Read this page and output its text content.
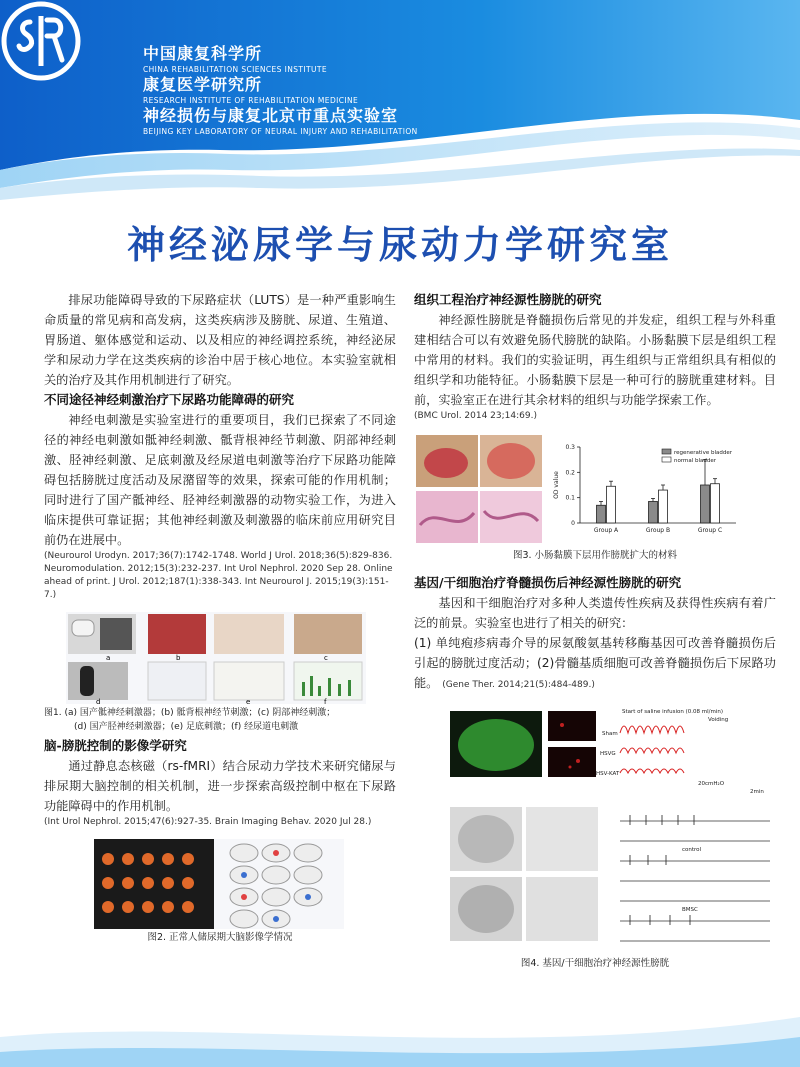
中国康复科学所
CHINA REHABILITATION SCIENCES INSTITUTE
康复医学研究所
RESEARCH INSTITUTE OF REHABILITATION MEDICINE
神经损伤与康复北京市重点实验室
BEIJING KEY LABORATORY OF NEURAL INJURY AND REHABILITATION
神经泌尿学与尿动力学研究室

排尿功能障碍导致的下尿路症状（LUTS）是一种严重影响生命质量的常见病和高发病，这类疾病涉及膀胱、尿道、生殖道、胃肠道、躯体感觉和运动、以及相应的神经调控系统，神经泌尿学和尿动力学在这类疾病的诊治中居于核心地位。本实验室就相关的治疗及其作用机制进行了研究。

不同途径神经刺激治疗下尿路功能障碍的研究

神经电刺激是实验室进行的重要项目，我们已探索了不同途径的神经电刺激如骶神经刺激、骶背根神经节刺激、阴部神经刺激、胫神经刺激、足底刺激及经尿道电刺激等治疗下尿路功能障碍包括膀胱过度活动及尿潴留等的效果，探索可能的作用机制；同时进行了国产骶神经、胫神经刺激器的动物实验工作，为进入临床提供可靠证据；其他神经刺激及刺激器的临床前应用研究目前仍在进展中。

(Neurourol Urodyn. 2017;36(7):1742-1748. World J Urol. 2018;36(5):829-836. Neuromodulation. 2012;15(3):232-237. Int Urol Nephrol. 2020 Sep 28. Online ahead of print. J Urol. 2012;187(1):338-343. Int Neurourol J. 2015;19(3):151-7.)
a	b	c
d	e	f
图1. (a) 国产骶神经刺激器；(b) 骶背根神经节刺激；(c) 阴部神经刺激；
(d) 国产胫神经刺激器；(e) 足底刺激；(f) 经尿道电刺激
脑-膀胱控制的影像学研究

通过静息态核磁（rs-fMRI）结合尿动力学技术来研究储尿与排尿期大脑控制的相关机制，进一步探索高级控制中枢在下尿路功能障碍中的作用机制。

(Int Urol Nephrol. 2015;47(6):927-35. Brain Imaging Behav. 2020 Jul 28.)
图2. 正常人储尿期大脑影像学情况
组织工程治疗神经源性膀胱的研究

神经源性膀胱是脊髓损伤后常见的并发症，组织工程与外科重建相结合可以有效避免肠代膀胱的缺陷。小肠黏膜下层是组织工程中常用的材料。我们的实验证明，再生组织与正常组织具有相似的组织学和功能特征。小肠黏膜下层是一种可行的膀胱重建材料。目前，实验室正在进行其余材料的组织与功能学探索工作。

(BMC Urol. 2014 23;14:69.)
0
0.1
0.2
0.3
OD value
Group A	Group B	Group C
regenerative bladder
normal bladder
图3. 小肠黏膜下层用作膀胱扩大的材料
基因/干细胞治疗脊髓损伤后神经源性膀胱的研究

基因和干细胞治疗对多种人类遗传性疾病及获得性疾病有着广泛的前景。实验室也进行了相关的研究：

(1) 单纯疱疹病毒介导的尿氨酸氨基转移酶基因可改善脊髓损伤后引起的膀胱过度活动；(2)骨髓基质细胞可改善脊髓损伤后下尿路功能。 (Gene Ther. 2014;21(5):484-489.)

Start of saline infusion (0.08 ml/min)
Sham
HSVG
HSV-KAT
Voiding
20cmH₂O
2min
control
BMSC
图4. 基因/干细胞治疗神经源性膀胱
